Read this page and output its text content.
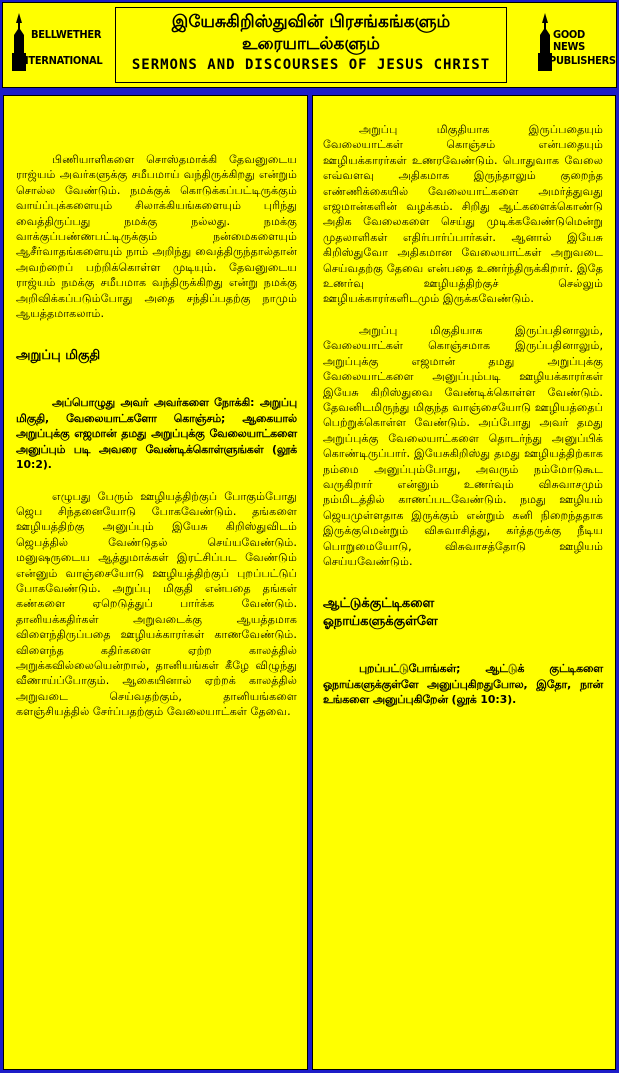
BELLWETHER
INTERNATIONAL
இயேசுகிறிஸ்துவின் பிரசங்கங்களும்
உரையாடல்களும்
SERMONS AND DISCOURSES OF JESUS CHRIST
GOOD NEWS
PUBLISHERS

பிணியாளிகளை சொஸ்தமாக்கி தேவனுடைய ராஜ்யம் அவர்களுக்கு சமீபமாய் வந்திருக்கிறது என்றும் சொல்ல வேண்டும். நமக்குக் கொடுக்கப்பட்டிருக்கும் வாய்ப்புக்களையும் சிலாக்கியங்களையும் புரிந்து வைத்திருப்பது நமக்கு நல்லது. நமக்கு வாக்குப்பண்ணபட்டிருக்கும் நன்மைகளையும் ஆசீர்வாதங்களையும் நாம் அறிந்து வைத்திருந்தால்தான் அவற்றைப் பற்றிக்கொள்ள முடியும். தேவனுடைய ராஜ்யம் நமக்கு சமீபமாக வந்திருக்கிறது என்று நமக்கு அறிவிக்கப்படும்போது அதை சந்திப்பதற்கு நாமும் ஆயத்தமாகலாம்.

அறுப்பு மிகுதி

அப்பொழுது அவர் அவர்களை நோக்கி: அறுப்பு மிகுதி, வேலையாட்களோ கொஞ்சம்; ஆகையால் அறுப்புக்கு எஜமான் தமது அறுப்புக்கு வேலையாட்களை அனுப்பும் படி அவரை வேண்டிக்கொள்ளுங்கள் (லூக் 10:2).

எழுபது பேரும் ஊழியத்திற்குப் போகும்போது ஜெப சிந்தனையோடு போகவேண்டும். தங்களை ஊழியத்திற்கு அனுப்பும் இயேசு கிறிஸ்துவிடம் ஜெபத்தில் வேண்டுதல் செய்யவேண்டும். மனுஷருடைய ஆத்துமாக்கள் இரட்சிப்பட வேண்டும் என்னும் வாஞ்சையோடு ஊழியத்திற்குப் புறப்பட்டுப் போகவேண்டும். அறுப்பு மிகுதி என்பதை தங்கள் கண்களை ஏறெடுத்துப் பார்க்க வேண்டும். தானியக்கதிர்கள் அறுவடைக்கு ஆயத்தமாக விளைந்திருப்பதை ஊழியக்காரர்கள் காணவேண்டும். விளைந்த கதிர்களை ஏற்ற காலத்தில் அறுக்கவில்லையென்றால், தானியங்கள் கீழே விழுந்து வீணாய்ப்போகும். ஆகையினால் ஏற்றக் காலத்தில் அறுவடை செய்வதற்கும், தானியங்களை களஞ்சியத்தில் சேர்ப்பதற்கும் வேலையாட்கள் தேவை.

அறுப்பு மிகுதியாக இருப்பதையும் வேலையாட்கள் கொஞ்சம் என்பதையும் ஊழியக்காரர்கள் உணரவேண்டும். பொதுவாக வேலை எவ்வளவு அதிகமாக இருந்தாலும் குறைந்த எண்ணிக்கையில் வேலையாட்களை அமர்த்துவது எஜமான்களின் வழக்கம். சிறிது ஆட்களைக்கொண்டு அதிக வேலைகளை செய்து முடிக்கவேண்டுமென்று முதலாளிகள் எதிர்பார்ப்பார்கள். ஆனால் இயேசு கிறிஸ்துவோ அதிகமான வேலையாட்கள் அறுவடை செய்வதற்கு தேவை என்பதை உணர்ந்திருக்கிறார். இதே உணர்வு ஊழியத்திற்குச் செல்லும் ஊழியக்காரர்களிடமும் இருக்கவேண்டும்.

அறுப்பு மிகுதியாக இருப்பதினாலும், வேலையாட்கள் கொஞ்சமாக இருப்பதினாலும், அறுப்புக்கு எஜமான் தமது அறுப்புக்கு வேலையாட்களை அனுப்பும்படி ஊழியக்காரர்கள் இயேசு கிறிஸ்துவை வேண்டிக்கொள்ள வேண்டும். தேவனிடமிருந்து மிகுந்த வாஞ்சையோடு ஊழியத்தைப் பெற்றுக்கொள்ள வேண்டும். அப்போது அவர் தமது அறுப்புக்கு வேலையாட்களை தொடர்ந்து அனுப்பிக் கொண்டிருப்பார். இயேசுகிறிஸ்து தமது ஊழியத்திற்காக நம்மை அனுப்பும்போது, அவரும் நம்மோடுகூட வருகிறார் என்னும் உணர்வும் விசுவாசமும் நம்மிடத்தில் காணப்படவேண்டும். நமது ஊழியம் ஜெயமுள்ளதாக இருக்கும் என்றும் கனி நிறைந்ததாக இருக்குமென்றும் விசுவாசித்து, கர்த்தருக்கு நீடிய பொறுமையோடு, விசுவாசத்தோடு ஊழியம் செய்யவேண்டும்.

ஆட்டுக்குட்டிகளை

ஓநாய்களுக்குள்ளே

புறப்பட்டுபோங்கள்; ஆட்டுக் குட்டிகளை ஓநாய்களுக்குள்ளே அனுப்புகிறதுபோல, இதோ, நான் உங்களை அனுப்புகிறேன் (லூக் 10:3).
